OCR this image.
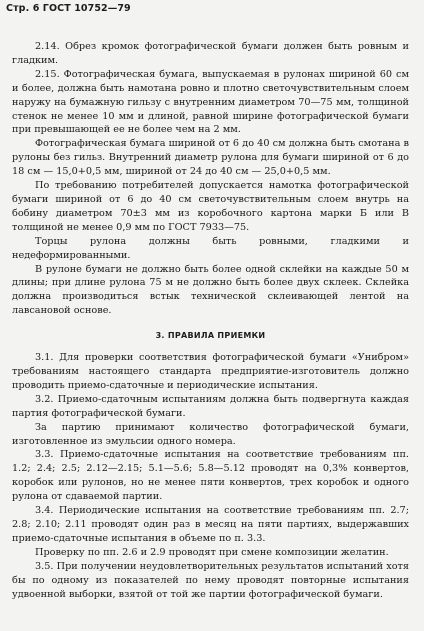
Стр. 6 ГОСТ 10752—79

2.14. Обрез кромок фотографической бумаги должен быть ровным и гладким.

2.15. Фотографическая бумага, выпускаемая в рулонах шириной 60 см и более, должна быть намотана ровно и плотно светочувствительным слоем наружу на бумажную гильзу с внутренним диаметром 70—75 мм, толщиной стенок не менее 10 мм и длиной, равной ширине фотографической бумаги при превышающей ее не более чем на 2 мм.

Фотографическая бумага шириной от 6 до 40 см должна быть смотана в рулоны без гильз. Внутренний диаметр рулона для бумаги шириной от 6 до 18 см — 15,0+0,5 мм, шириной от 24 до 40 см — 25,0+0,5 мм.

По требованию потребителей допускается намотка фотографической бумаги шириной от 6 до 40 см светочувствительным слоем внутрь на бобину диаметром 70±3 мм из коробочного картона марки Б или В толщиной не менее 0,9 мм по ГОСТ 7933—75.

Торцы рулона должны быть ровными, гладкими и недеформированными.

В рулоне бумаги не должно быть более одной склейки на каждые 50 м длины; при длине рулона 75 м не должно быть более двух склеек. Склейка должна производиться встык технической склеивающей лентой на лавсановой основе.

3. ПРАВИЛА ПРИЕМКИ

3.1. Для проверки соответствия фотографической бумаги «Унибром» требованиям настоящего стандарта предприятие-изготовитель должно проводить приемо-сдаточные и периодические испытания.

3.2. Приемо-сдаточным испытаниям должна быть подвергнута каждая партия фотографической бумаги.

За партию принимают количество фотографической бумаги, изготовленное из эмульсии одного номера.

3.3. Приемо-сдаточные испытания на соответствие требованиям пп. 1.2; 2.4; 2.5; 2.12—2.15; 5.1—5.6; 5.8—5.12 проводят на 0,3% конвертов, коробок или рулонов, но не менее пяти конвертов, трех коробок и одного рулона от сдаваемой партии.

3.4. Периодические испытания на соответствие требованиям пп. 2.7; 2.8; 2.10; 2.11 проводят один раз в месяц на пяти партиях, выдержавших приемо-сдаточные испытания в объеме по п. 3.3.

Проверку по пп. 2.6 и 2.9 проводят при смене композиции желатин.

3.5. При получении неудовлетворительных результатов испытаний хотя бы по одному из показателей по нему проводят повторные испытания удвоенной выборки, взятой от той же партии фотографической бумаги.
